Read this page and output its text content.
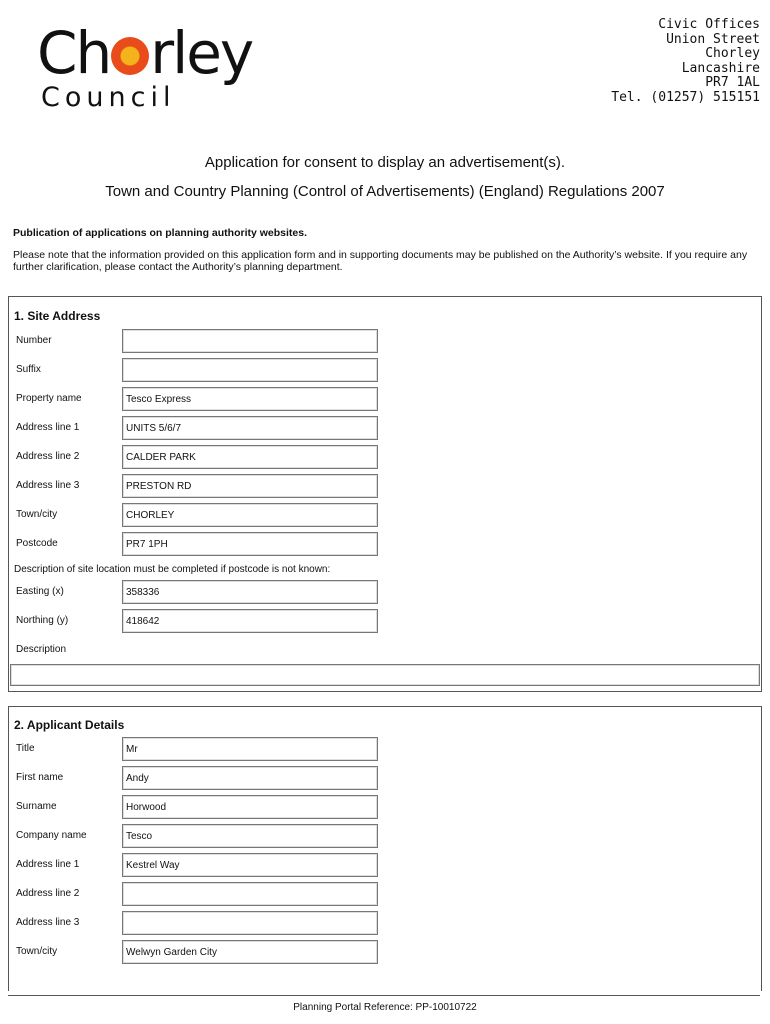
Ch rley
Council
Civic Offices
Union Street
Chorley
Lancashire
PR7 1AL
Tel. (01257) 515151
Application for consent to display an advertisement(s).
Town and Country Planning (Control of Advertisements) (England) Regulations 2007
Publication of applications on planning authority websites.
Please note that the information provided on this application form and in supporting documents may be published on the Authority’s website. If you require any further clarification, please contact the Authority’s planning department.
1. Site Address
Number
Suffix
Property name	Tesco Express
Address line 1	UNITS 5/6/7
Address line 2	CALDER PARK
Address line 3	PRESTON RD
Town/city	CHORLEY
Postcode	PR7 1PH
Description of site location must be completed if postcode is not known:
Easting (x)	358336
Northing (y)	418642
Description
2. Applicant Details
Title	Mr
First name	Andy
Surname	Horwood
Company name	Tesco
Address line 1	Kestrel Way
Address line 2
Address line 3
Town/city	Welwyn Garden City
Planning Portal Reference: PP-10010722
